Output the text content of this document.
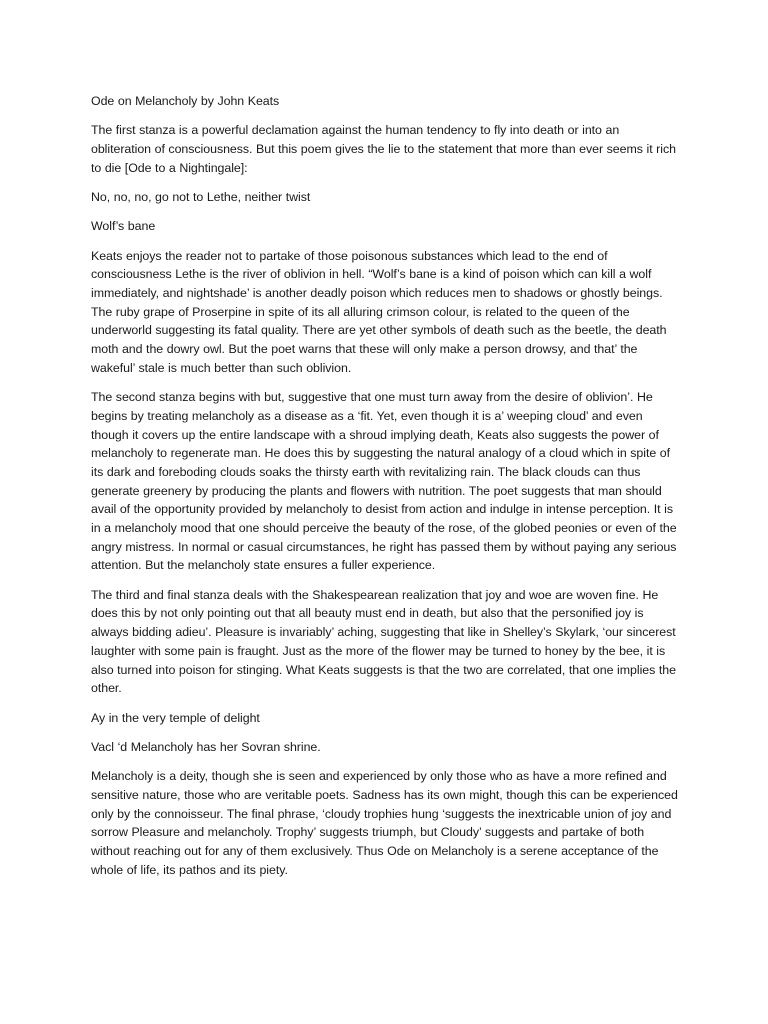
Ode on Melancholy by John Keats

The first stanza is a powerful declamation against the human tendency to fly into death or into an obliteration of consciousness. But this poem gives the lie to the statement that more than ever seems it rich to die [Ode to a Nightingale]:

No, no, no, go not to Lethe, neither twist

Wolf’s bane

Keats enjoys the reader not to partake of those poisonous substances which lead to the end of consciousness Lethe is the river of oblivion in hell. “Wolf’s bane is a kind of poison which can kill a wolf immediately, and nightshade’ is another deadly poison which reduces men to shadows or ghostly beings. The ruby grape of Proserpine in spite of its all alluring crimson colour, is related to the queen of the underworld suggesting its fatal quality. There are yet other symbols of death such as the beetle, the death moth and the dowry owl. But the poet warns that these will only make a person drowsy, and that’ the wakeful’ stale is much better than such oblivion.

The second stanza begins with but, suggestive that one must turn away from the desire of oblivion’. He begins by treating melancholy as a disease as a ‘fit. Yet, even though it is a’ weeping cloud’ and even though it covers up the entire landscape with a shroud implying death, Keats also suggests the power of melancholy to regenerate man. He does this by suggesting the natural analogy of a cloud which in spite of its dark and foreboding clouds soaks the thirsty earth with revitalizing rain. The black clouds can thus generate greenery by producing the plants and flowers with nutrition. The poet suggests that man should avail of the opportunity provided by melancholy to desist from action and indulge in intense perception. It is in a melancholy mood that one should perceive the beauty of the rose, of the globed peonies or even of the angry mistress. In normal or casual circumstances, he right has passed them by without paying any serious attention. But the melancholy state ensures a fuller experience.

The third and final stanza deals with the Shakespearean realization that joy and woe are woven fine. He does this by not only pointing out that all beauty must end in death, but also that the personified joy is always bidding adieu’. Pleasure is invariably’ aching, suggesting that like in Shelley’s Skylark, ‘our sincerest laughter with some pain is fraught. Just as the more of the flower may be turned to honey by the bee, it is also turned into poison for stinging. What Keats suggests is that the two are correlated, that one implies the other.

Ay in the very temple of delight

Vacl ‘d Melancholy has her Sovran shrine.

Melancholy is a deity, though she is seen and experienced by only those who as have a more refined and sensitive nature, those who are veritable poets. Sadness has its own might, though this can be experienced only by the connoisseur. The final phrase, ‘cloudy trophies hung ‘suggests the inextricable union of joy and sorrow Pleasure and melancholy. Trophy’ suggests triumph, but Cloudy’ suggests and partake of both without reaching out for any of them exclusively. Thus Ode on Melancholy is a serene acceptance of the whole of life, its pathos and its piety.
